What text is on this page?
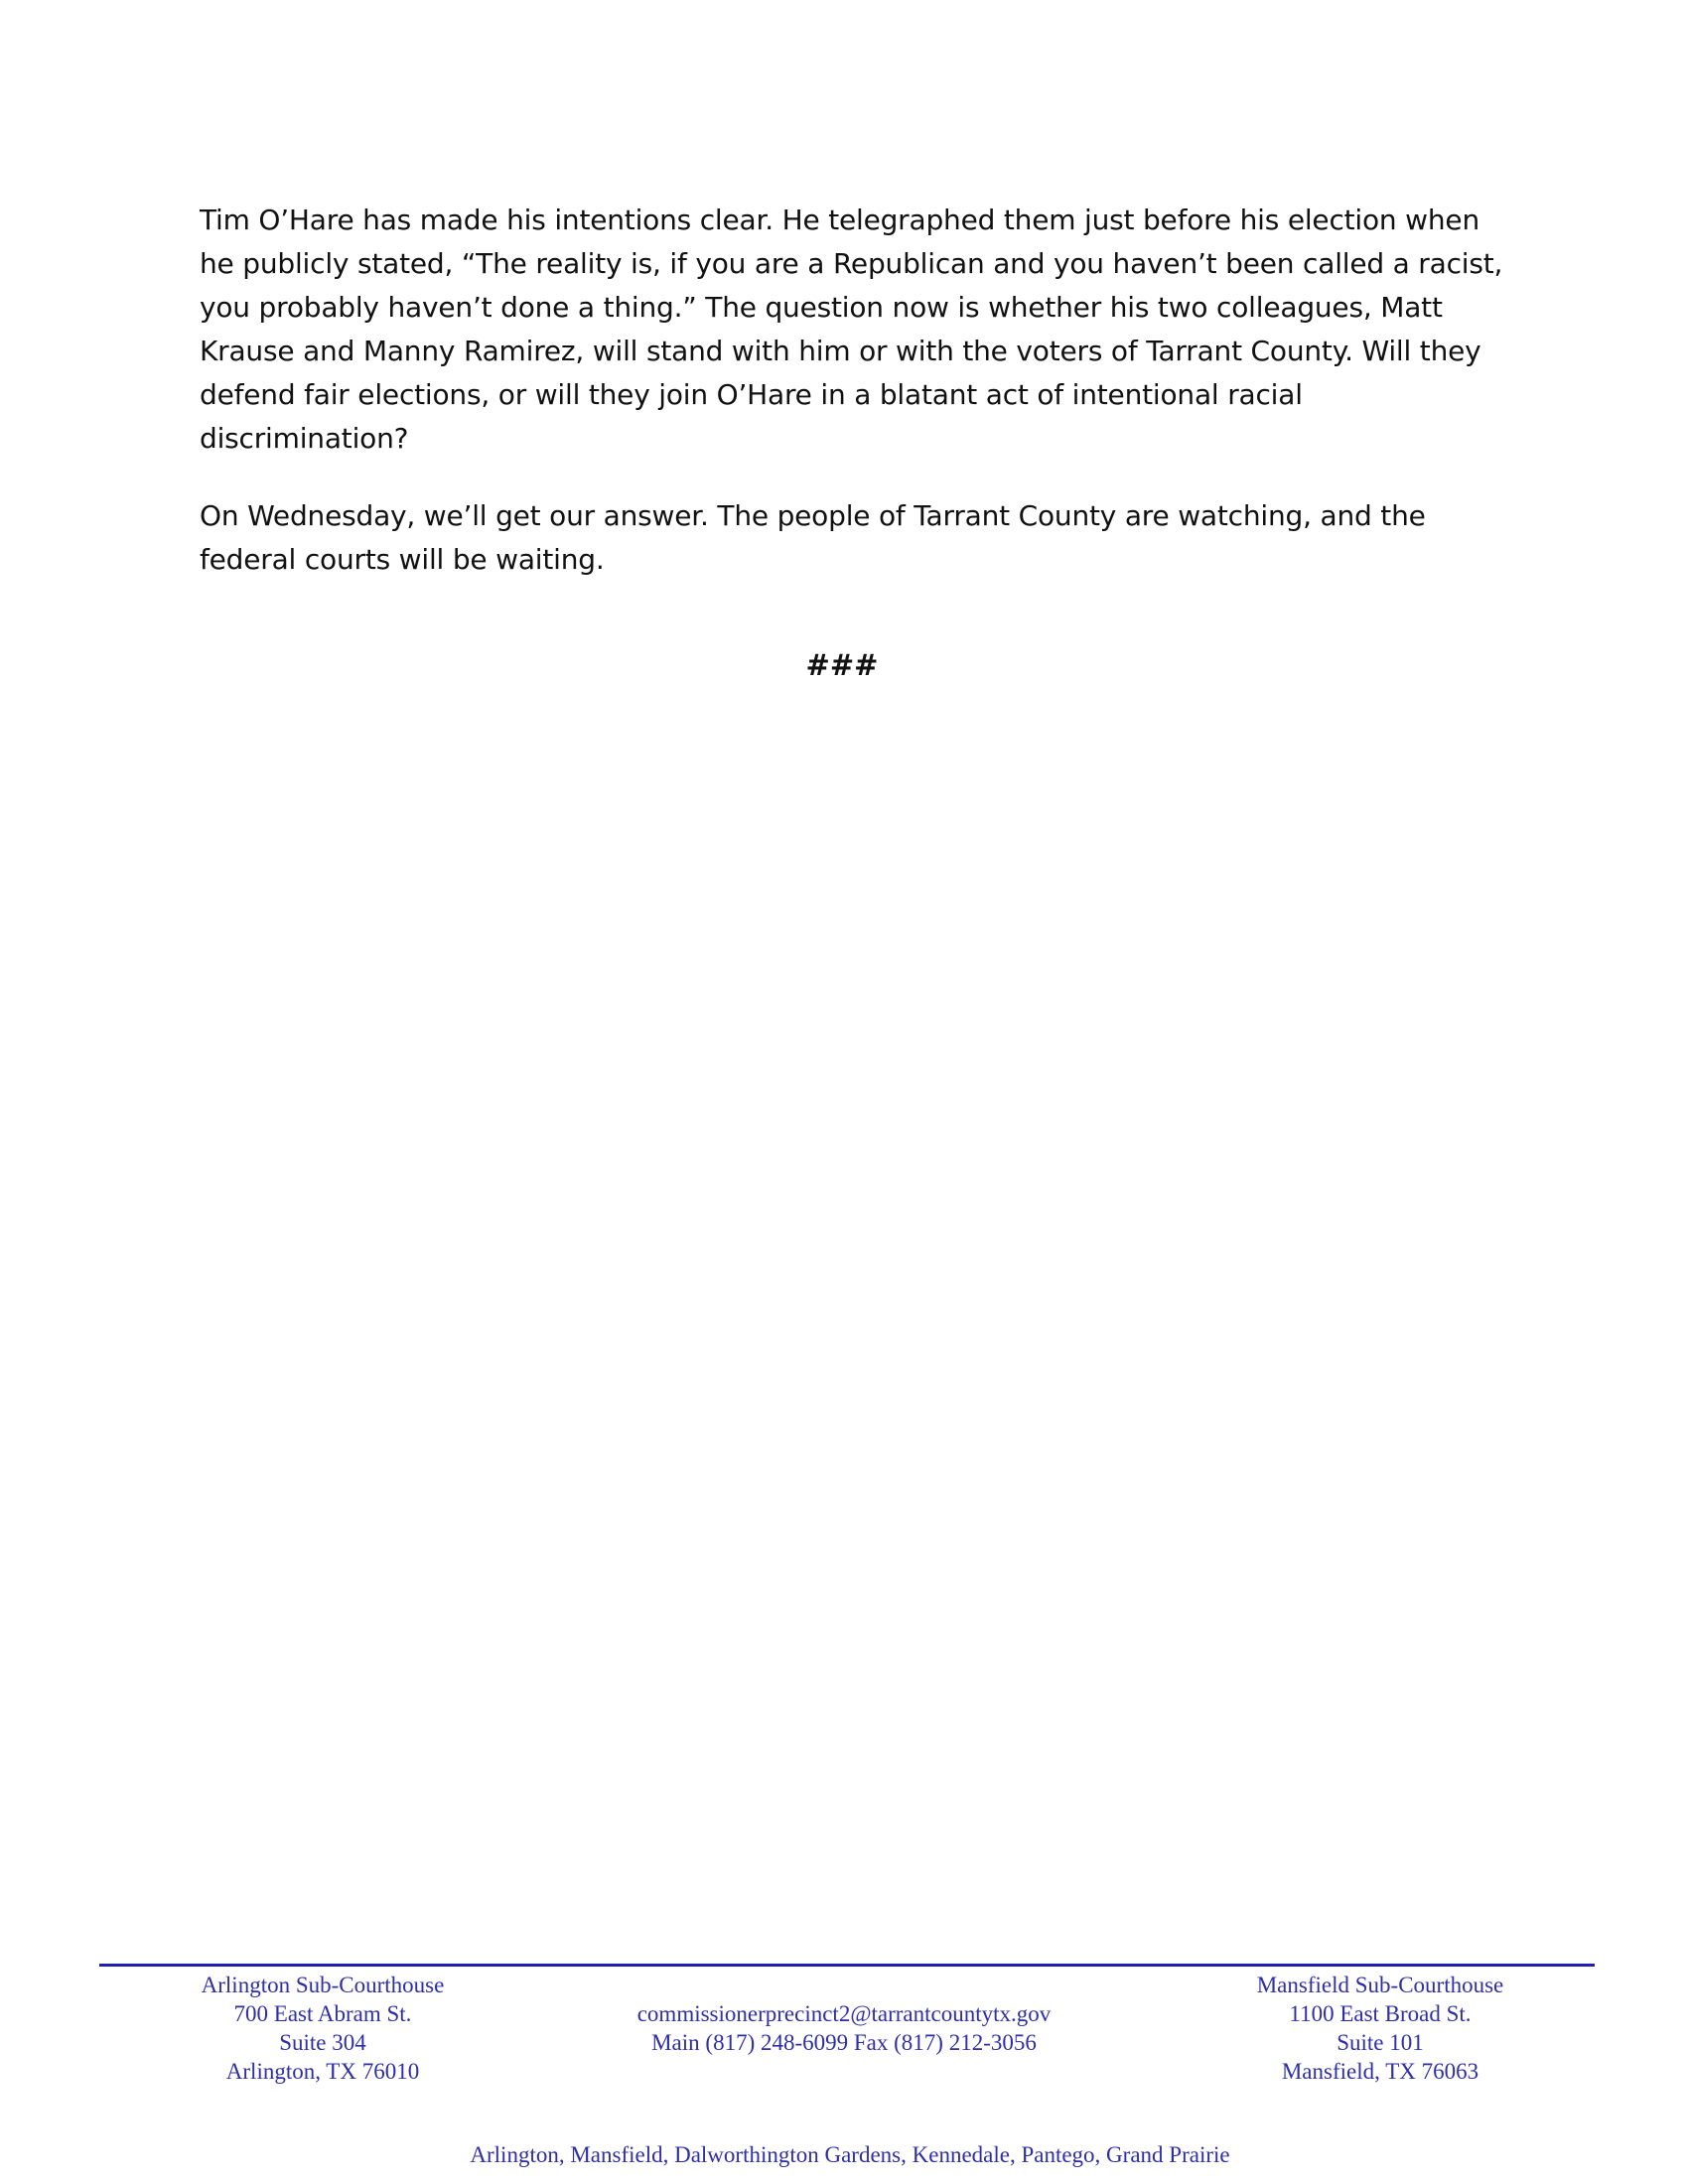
Tim O’Hare has made his intentions clear. He telegraphed them just before his election when he publicly stated, “The reality is, if you are a Republican and you haven’t been called a racist, you probably haven’t done a thing.” The question now is whether his two colleagues, Matt Krause and Manny Ramirez, will stand with him or with the voters of Tarrant County. Will they defend fair elections, or will they join O’Hare in a blatant act of intentional racial discrimination?

On Wednesday, we’ll get our answer. The people of Tarrant County are watching, and the federal courts will be waiting.

###
Arlington Sub-Courthouse
700 East Abram St.
Suite 304
Arlington, TX 76010
commissionerprecinct2@tarrantcountytx.gov
Main (817) 248-6099 Fax (817) 212-3056
Mansfield Sub-Courthouse
1100 East Broad St.
Suite 101
Mansfield, TX 76063
Arlington, Mansfield, Dalworthington Gardens, Kennedale, Pantego, Grand Prairie
